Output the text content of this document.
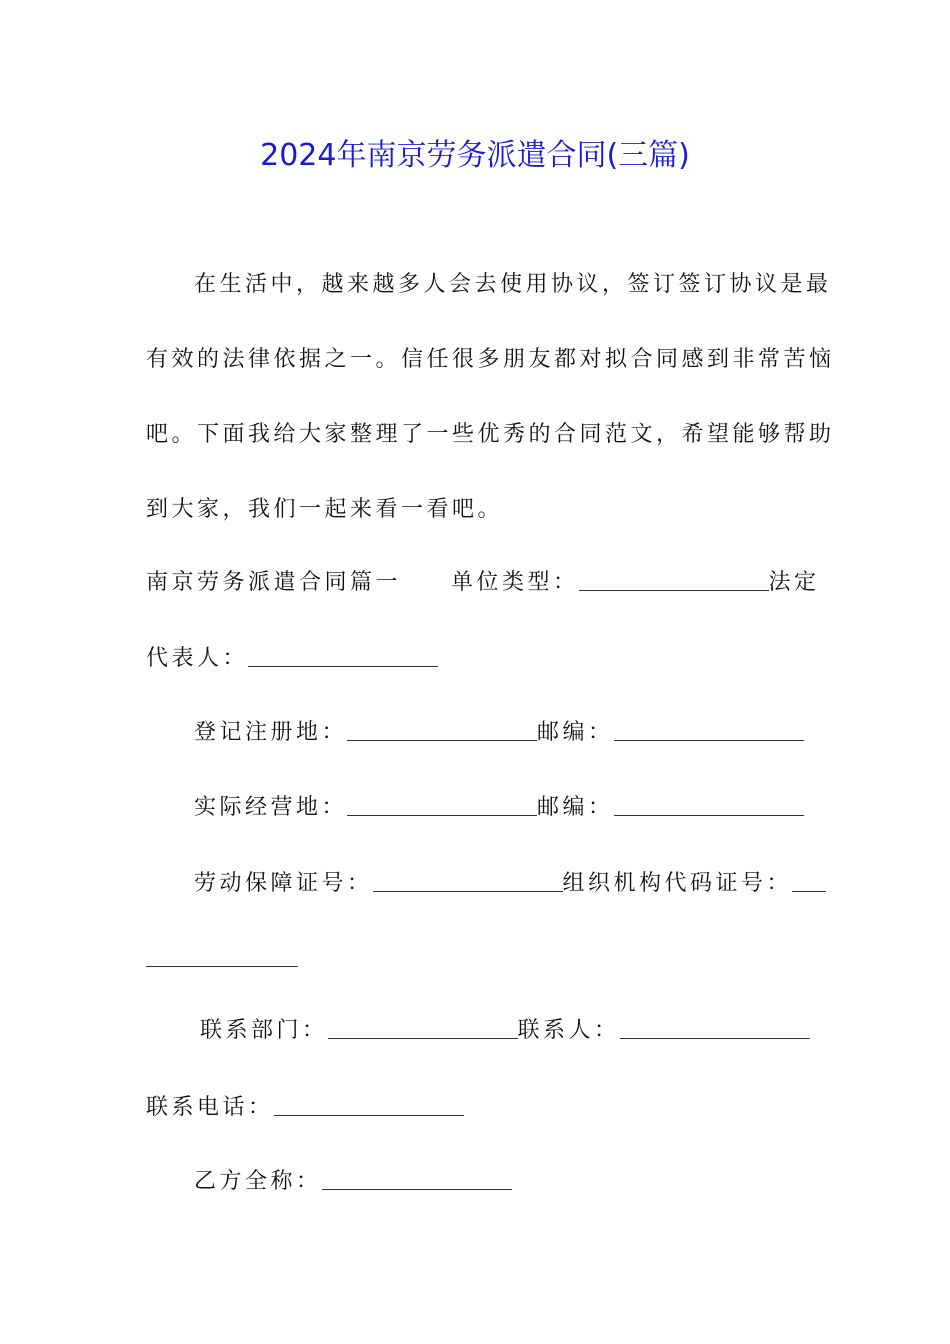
2024年南京劳务派遣合同(三篇)
在生活中，越来越多人会去使用协议，签订签订协议是最
有效的法律依据之一。信任很多朋友都对拟合同感到非常苦恼
吧。下面我给大家整理了一些优秀的合同范文，希望能够帮助
到大家，我们一起来看一看吧。
南京劳务派遣合同篇一 单位类型：	法定
代表人：
登记注册地：	邮编：
实际经营地：	邮编：
劳动保障证号：	组织机构代码证号：
联系部门：	联系人：
联系电话：
乙方全称：
